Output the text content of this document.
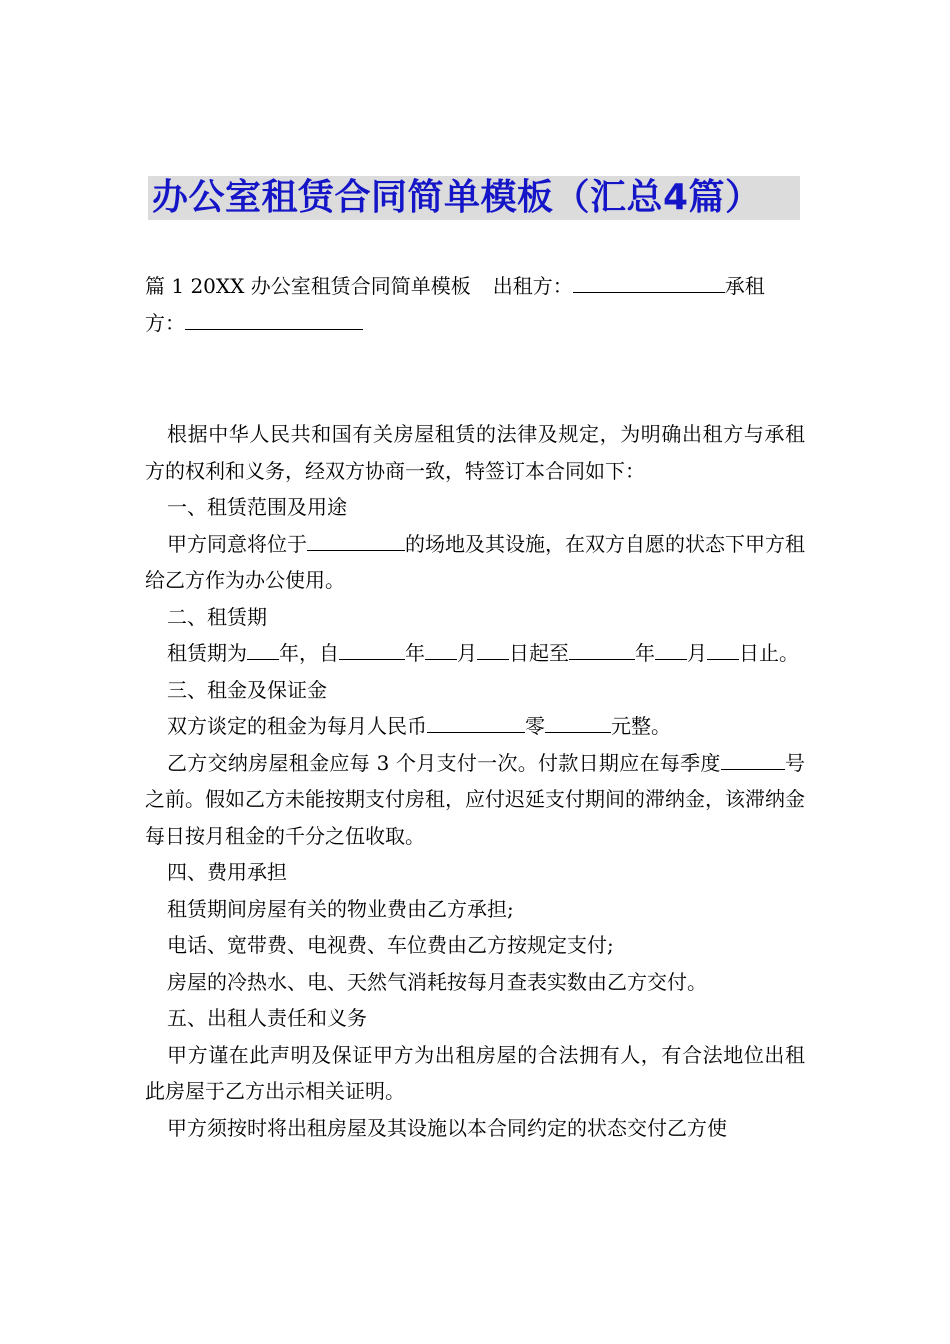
办公室租赁合同简单模板（汇总4篇）
篇 1 20XX 办公室租赁合同简单模板 出租方：	承租
方：

根据中华人民共和国有关房屋租赁的法律及规定，为明确出租方与承租方的权利和义务，经双方协商一致，特签订本合同如下：

一、租赁范围及用途

甲方同意将位于	的场地及其设施，在双方自愿的状态下甲方租给乙方作为办公使用。

二、租赁期

租赁期为 年，自	年 月 日起至	年 月 日止。

三、租金及保证金

双方谈定的租金为每月人民币	零	元整。

乙方交纳房屋租金应每 3 个月支付一次。付款日期应在每季度	号之前。假如乙方未能按期支付房租，应付迟延支付期间的滞纳金，该滞纳金每日按月租金的千分之伍收取。

四、费用承担

租赁期间房屋有关的物业费由乙方承担;

电话、宽带费、电视费、车位费由乙方按规定支付;

房屋的冷热水、电、天然气消耗按每月查表实数由乙方交付。

五、出租人责任和义务

甲方谨在此声明及保证甲方为出租房屋的合法拥有人，有合法地位出租此房屋于乙方出示相关证明。

甲方须按时将出租房屋及其设施以本合同约定的状态交付乙方使
